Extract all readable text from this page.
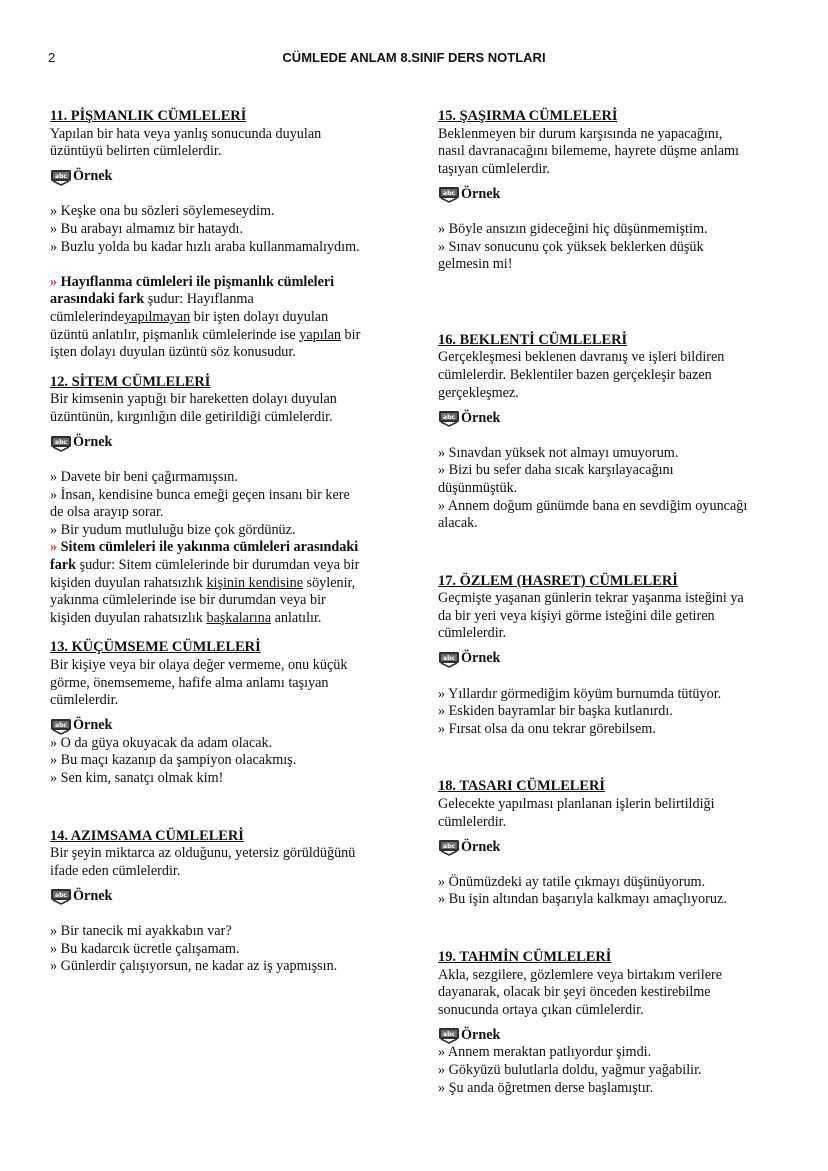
2	CÜMLEDE ANLAM 8.SINIF DERS NOTLARI
11. PİŞMANLIK CÜMLELERİ
Yapılan bir hata veya yanlış sonucunda duyulan
üzüntüyü belirten cümlelerdir.
abc Örnek
» Keşke ona bu sözleri söylemeseydim.
» Bu arabayı almamız bir hataydı.
» Buzlu yolda bu kadar hızlı araba kullanmamalıydım.
» Hayıflanma cümleleri ile pişmanlık cümleleri
arasındaki fark şudur: Hayıflanma
cümlelerindeyapılmayan bir işten dolayı duyulan
üzüntü anlatılır, pişmanlık cümlelerinde ise yapılan bir
işten dolayı duyulan üzüntü söz konusudur.
12. SİTEM CÜMLELERİ
Bir kimsenin yaptığı bir hareketten dolayı duyulan
üzüntünün, kırgınlığın dile getirildiği cümlelerdir.
abc Örnek
» Davete bir beni çağırmamışsın.
» İnsan, kendisine bunca emeği geçen insanı bir kere
de olsa arayıp sorar.
» Bir yudum mutluluğu bize çok gördünüz.
» Sitem cümleleri ile yakınma cümleleri arasındaki
fark şudur: Sitem cümlelerinde bir durumdan veya bir
kişiden duyulan rahatsızlık kişinin kendisine söylenir,
yakınma cümlelerinde ise bir durumdan veya bir
kişiden duyulan rahatsızlık başkalarına anlatılır.
13. KÜÇÜMSEME CÜMLELERİ
Bir kişiye veya bir olaya değer vermeme, onu küçük
görme, önemsememe, hafife alma anlamı taşıyan
cümlelerdir.
abc Örnek
» O da güya okuyacak da adam olacak.
» Bu maçı kazanıp da şampiyon olacakmış.
» Sen kim, sanatçı olmak kim!
14. AZIMSAMA CÜMLELERİ
Bir şeyin miktarca az olduğunu, yetersiz görüldüğünü
ifade eden cümlelerdir.
abc Örnek
» Bir tanecik mi ayakkabın var?
» Bu kadarcık ücretle çalışamam.
» Günlerdir çalışıyorsun, ne kadar az iş yapmışsın.
15. ŞAŞIRMA CÜMLELERİ
Beklenmeyen bir durum karşısında ne yapacağını,
nasıl davranacağını bilememe, hayrete düşme anlamı
taşıyan cümlelerdir.
abc Örnek
» Böyle ansızın gideceğini hiç düşünmemiştim.
» Sınav sonucunu çok yüksek beklerken düşük
gelmesin mi!
16. BEKLENTİ CÜMLELERİ
Gerçekleşmesi beklenen davranış ve işleri bildiren
cümlelerdir. Beklentiler bazen gerçekleşir bazen
gerçekleşmez.
abc Örnek
» Sınavdan yüksek not almayı umuyorum.
» Bizi bu sefer daha sıcak karşılayacağını
düşünmüştük.
» Annem doğum günümde bana en sevdiğim oyuncağı
alacak.
17. ÖZLEM (HASRET) CÜMLELERİ
Geçmişte yaşanan günlerin tekrar yaşanma isteğini ya
da bir yeri veya kişiyi görme isteğini dile getiren
cümlelerdir.
abc Örnek
» Yıllardır görmediğim köyüm burnumda tütüyor.
» Eskiden bayramlar bir başka kutlanırdı.
» Fırsat olsa da onu tekrar görebilsem.
18. TASARI CÜMLELERİ
Gelecekte yapılması planlanan işlerin belirtildiği
cümlelerdir.
abc Örnek
» Önümüzdeki ay tatile çıkmayı düşünüyorum.
» Bu işin altından başarıyla kalkmayı amaçlıyoruz.
19. TAHMİN CÜMLELERİ
Akla, sezgilere, gözlemlere veya birtakım verilere
dayanarak, olacak bir şeyi önceden kestirebilme
sonucunda ortaya çıkan cümlelerdir.
abc Örnek
» Annem meraktan patlıyordur şimdi.
» Gökyüzü bulutlarla doldu, yağmur yağabilir.
» Şu anda öğretmen derse başlamıştır.
